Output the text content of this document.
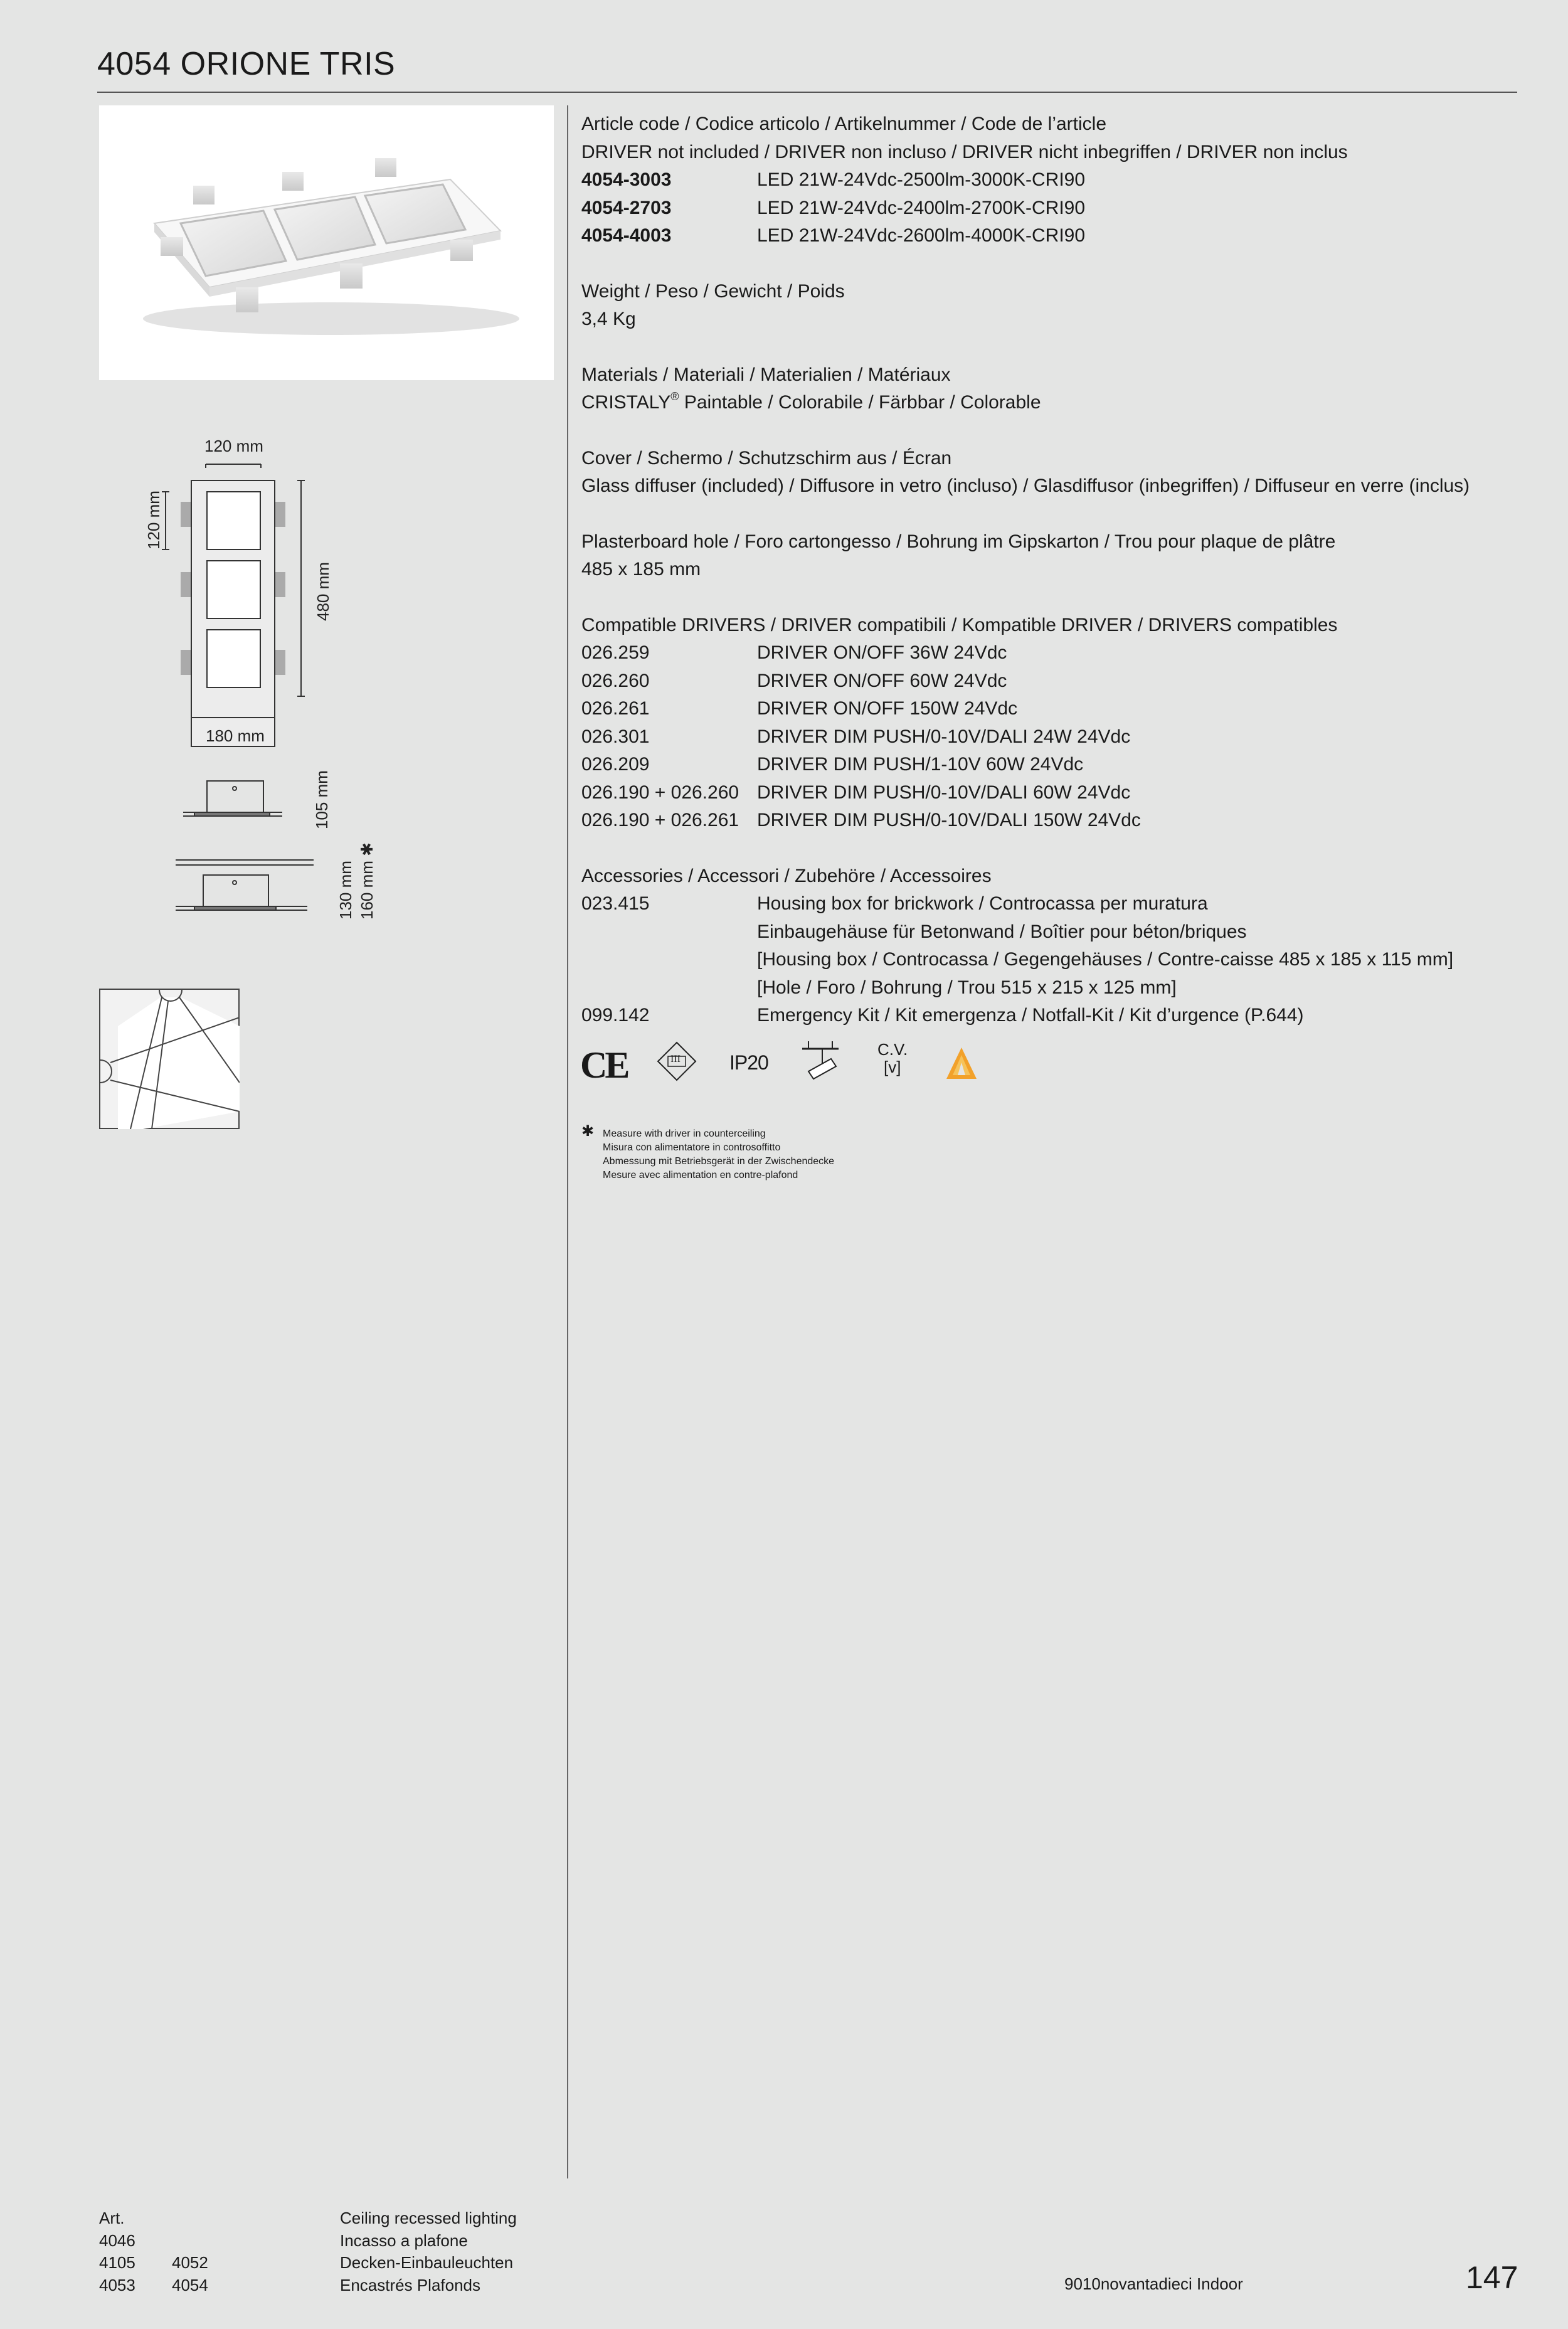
4054 ORIONE TRIS
120 mm
120 mm
480 mm
180 mm
105 mm
130 mm 160 mm ✱
Article code / Codice articolo / Artikelnummer / Code de l’article
DRIVER not included / DRIVER non incluso / DRIVER nicht inbegriffen / DRIVER non inclus
4054-3003	LED 21W-24Vdc-2500lm-3000K-CRI90
4054-2703	LED 21W-24Vdc-2400lm-2700K-CRI90
4054-4003	LED 21W-24Vdc-2600lm-4000K-CRI90
Weight / Peso / Gewicht / Poids
3,4 Kg
Materials / Materiali / Materialien / Matériaux
CRISTALY® Paintable / Colorabile / Färbbar / Colorable
Cover / Schermo / Schutzschirm aus / Écran
Glass diffuser (included) / Diffusore in vetro (incluso) / Glasdiffusor (inbegriffen) / Diffuseur en verre (inclus)
Plasterboard hole / Foro cartongesso / Bohrung im Gipskarton / Trou pour plaque de plâtre
485 x 185 mm
Compatible DRIVERS / DRIVER compatibili / Kompatible DRIVER / DRIVERS compatibles
026.259	DRIVER ON/OFF 36W 24Vdc
026.260	DRIVER ON/OFF 60W 24Vdc
026.261	DRIVER ON/OFF 150W 24Vdc
026.301	DRIVER DIM PUSH/0-10V/DALI 24W 24Vdc
026.209	DRIVER DIM PUSH/1-10V 60W 24Vdc
026.190 + 026.260 DRIVER DIM PUSH/0-10V/DALI 60W 24Vdc
026.190 + 026.261 DRIVER DIM PUSH/0-10V/DALI 150W 24Vdc
Accessories / Accessori / Zubehöre / Accessoires
023.415	Housing box for brickwork / Controcassa per muratura
Einbaugehäuse für Betonwand / Boîtier pour béton/briques
[Housing box / Controcassa / Gegengehäuses / Contre-caisse 485 x 185 x 115 mm]
[Hole / Foro / Bohrung / Trou 515 x 215 x 125 mm]
099.142	Emergency Kit / Kit emergenza / Notfall-Kit / Kit d’urgence (P.644)
CE	III IP20
C.V.
[v]
✱ Measure with driver in counterceiling
Misura con alimentatore in controsoffitto
Abmessung mit Betriebsgerät in der Zwischendecke
Mesure avec alimentation en contre-plafond
Art.	Ceiling recessed lighting
4046	Incasso a plafone
4105	4052	Decken-Einbauleuchten
4053	4054	Encastrés Plafonds	9010novantadieci Indoor	147
